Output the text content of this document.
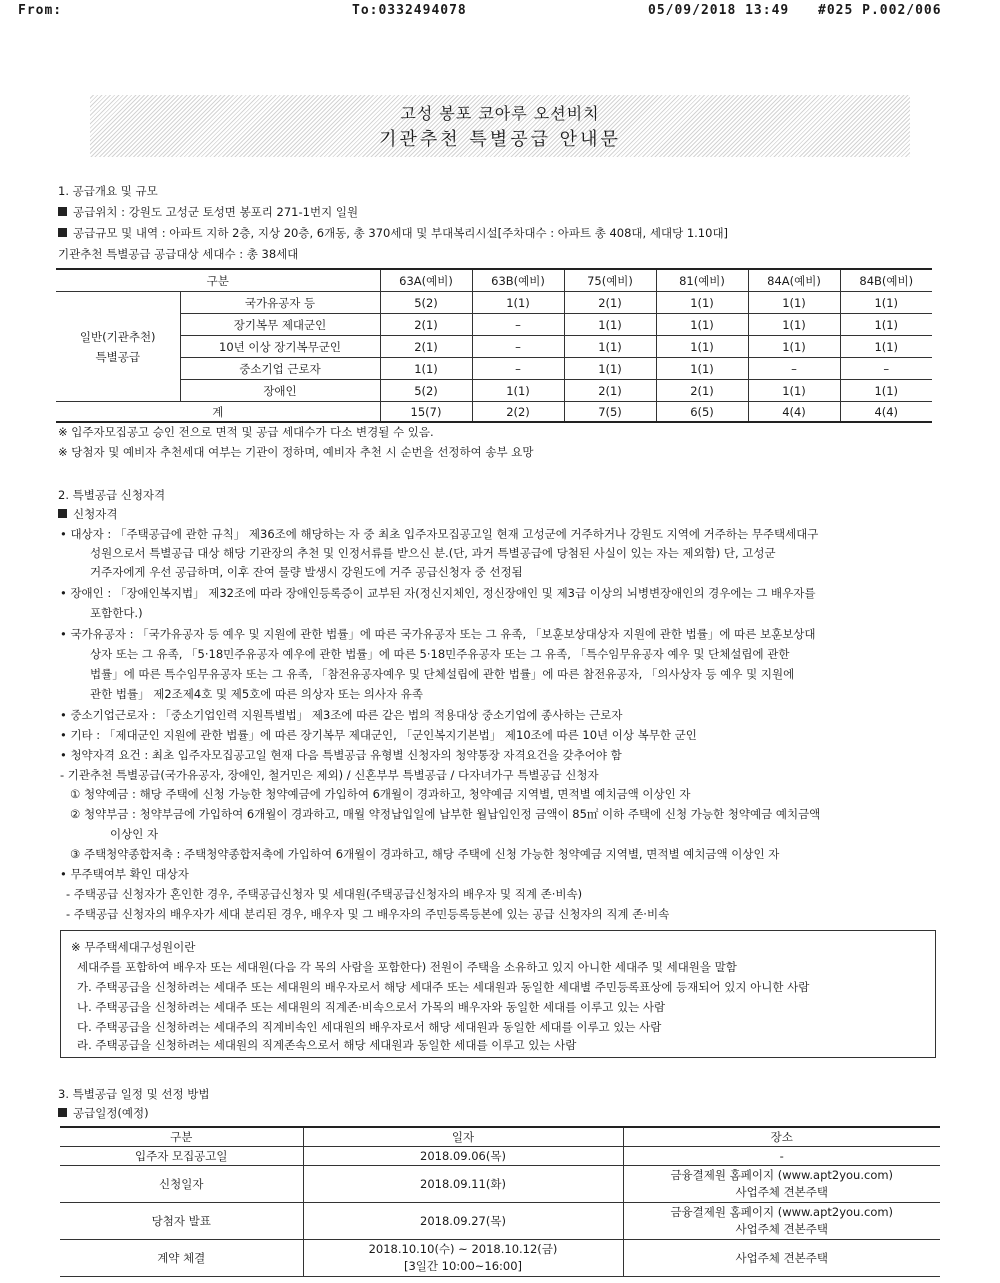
From:	To:0332494078	05/09/2018 13:49 #025 P.002/006
고성 봉포 코아루 오션비치
기관추천 특별공급 안내문
1. 공급개요 및 규모
공급위치 : 강원도 고성군 토성면 봉포리 271-1번지 일원
공급규모 및 내역 : 아파트 지하 2층, 지상 20층, 6개동, 총 370세대 및 부대복리시설[주차대수 : 아파트 총 408대, 세대당 1.10대]
기관추천 특별공급 공급대상 세대수 : 총 38세대
구분		63A(예비)	63B(예비)	75(예비)	81(예비)	84A(예비)	84B(예비)
일반(기관추천) 특별공급	국가유공자 등	5(2)	1(1)	2(1)	1(1)	1(1)	1(1)
	장기복무 제대군인	2(1)	–	1(1)	1(1)	1(1)	1(1)
	10년 이상 장기복무군인	2(1)	–	1(1)	1(1)	1(1)	1(1)
	중소기업 근로자	1(1)	–	1(1)	1(1)	–	–
	장애인	5(2)	1(1)	2(1)	2(1)	1(1)	1(1)
계		15(7)	2(2)	7(5)	6(5)	4(4)	4(4)
※ 입주자모집공고 승인 전으로 면적 및 공급 세대수가 다소 변경될 수 있음.
※ 당첨자 및 예비자 추천세대 여부는 기관이 정하며, 예비자 추천 시 순번을 선정하여 송부 요망
2. 특별공급 신청자격
신청자격
• 대상자 : 「주택공급에 관한 규칙」 제36조에 해당하는 자 중 최초 입주자모집공고일 현재 고성군에 거주하거나 강원도 지역에 거주하는 무주택세대구
성원으로서 특별공급 대상 해당 기관장의 추천 및 인정서류를 받으신 분.(단, 과거 특별공급에 당첨된 사실이 있는 자는 제외함) 단, 고성군
거주자에게 우선 공급하며, 이후 잔여 물량 발생시 강원도에 거주 공급신청자 중 선정됨
• 장애인 : 「장애인복지법」 제32조에 따라 장애인등록증이 교부된 자(정신지체인, 정신장애인 및 제3급 이상의 뇌병변장애인의 경우에는 그 배우자를
포함한다.)
• 국가유공자 : 「국가유공자 등 예우 및 지원에 관한 법률」에 따른 국가유공자 또는 그 유족, 「보훈보상대상자 지원에 관한 법률」에 따른 보훈보상대
상자 또는 그 유족, 「5·18민주유공자 예우에 관한 법률」에 따른 5·18민주유공자 또는 그 유족, 「특수임무유공자 예우 및 단체설립에 관한
법률」에 따른 특수임무유공자 또는 그 유족, 「참전유공자예우 및 단체설립에 관한 법률」에 따른 참전유공자, 「의사상자 등 예우 및 지원에
관한 법률」 제2조제4호 및 제5호에 따른 의상자 또는 의사자 유족
• 중소기업근로자 : 「중소기업인력 지원특별법」 제3조에 따른 같은 법의 적용대상 중소기업에 종사하는 근로자
• 기타 : 「제대군인 지원에 관한 법률」에 따른 장기복무 제대군인, 「군인복지기본법」 제10조에 따른 10년 이상 복무한 군인
• 청약자격 요건 : 최초 입주자모집공고일 현재 다음 특별공급 유형별 신청자의 청약통장 자격요건을 갖추어야 함
- 기관추천 특별공급(국가유공자, 장애인, 철거민은 제외) / 신혼부부 특별공급 / 다자녀가구 특별공급 신청자
① 청약예금 : 해당 주택에 신청 가능한 청약예금에 가입하여 6개월이 경과하고, 청약예금 지역별, 면적별 예치금액 이상인 자
② 청약부금 : 청약부금에 가입하여 6개월이 경과하고, 매월 약정납입일에 납부한 월납입인정 금액이 85㎡ 이하 주택에 신청 가능한 청약예금 예치금액
이상인 자
③ 주택청약종합저축 : 주택청약종합저축에 가입하여 6개월이 경과하고, 해당 주택에 신청 가능한 청약예금 지역별, 면적별 예치금액 이상인 자
• 무주택여부 확인 대상자
- 주택공급 신청자가 혼인한 경우, 주택공급신청자 및 세대원(주택공급신청자의 배우자 및 직계 존·비속)
- 주택공급 신청자의 배우자가 세대 분리된 경우, 배우자 및 그 배우자의 주민등록등본에 있는 공급 신청자의 직계 존·비속
※ 무주택세대구성원이란
세대주를 포함하여 배우자 또는 세대원(다음 각 목의 사람을 포함한다) 전원이 주택을 소유하고 있지 아니한 세대주 및 세대원을 말함
가. 주택공급을 신청하려는 세대주 또는 세대원의 배우자로서 해당 세대주 또는 세대원과 동일한 세대별 주민등록표상에 등재되어 있지 아니한 사람
나. 주택공급을 신청하려는 세대주 또는 세대원의 직계존·비속으로서 가목의 배우자와 동일한 세대를 이루고 있는 사람
다. 주택공급을 신청하려는 세대주의 직계비속인 세대원의 배우자로서 해당 세대원과 동일한 세대를 이루고 있는 사람
라. 주택공급을 신청하려는 세대원의 직계존속으로서 해당 세대원과 동일한 세대를 이루고 있는 사람
3. 특별공급 일정 및 선정 방법
공급일정(예정)
구분	일자	장소
입주자 모집공고일	2018.09.06(목)	-
신청일자	2018.09.11(화)	금융결제원 홈페이지 (www.apt2you.com)
사업주체 견본주택

당첨자 발표	2018.09.27(목)	금융결제원 홈페이지 (www.apt2you.com)
사업주체 견본주택

계약 체결	2018.10.10(수) ~ 2018.10.12(금)
[3일간 10:00~16:00]	사업주체 견본주택
